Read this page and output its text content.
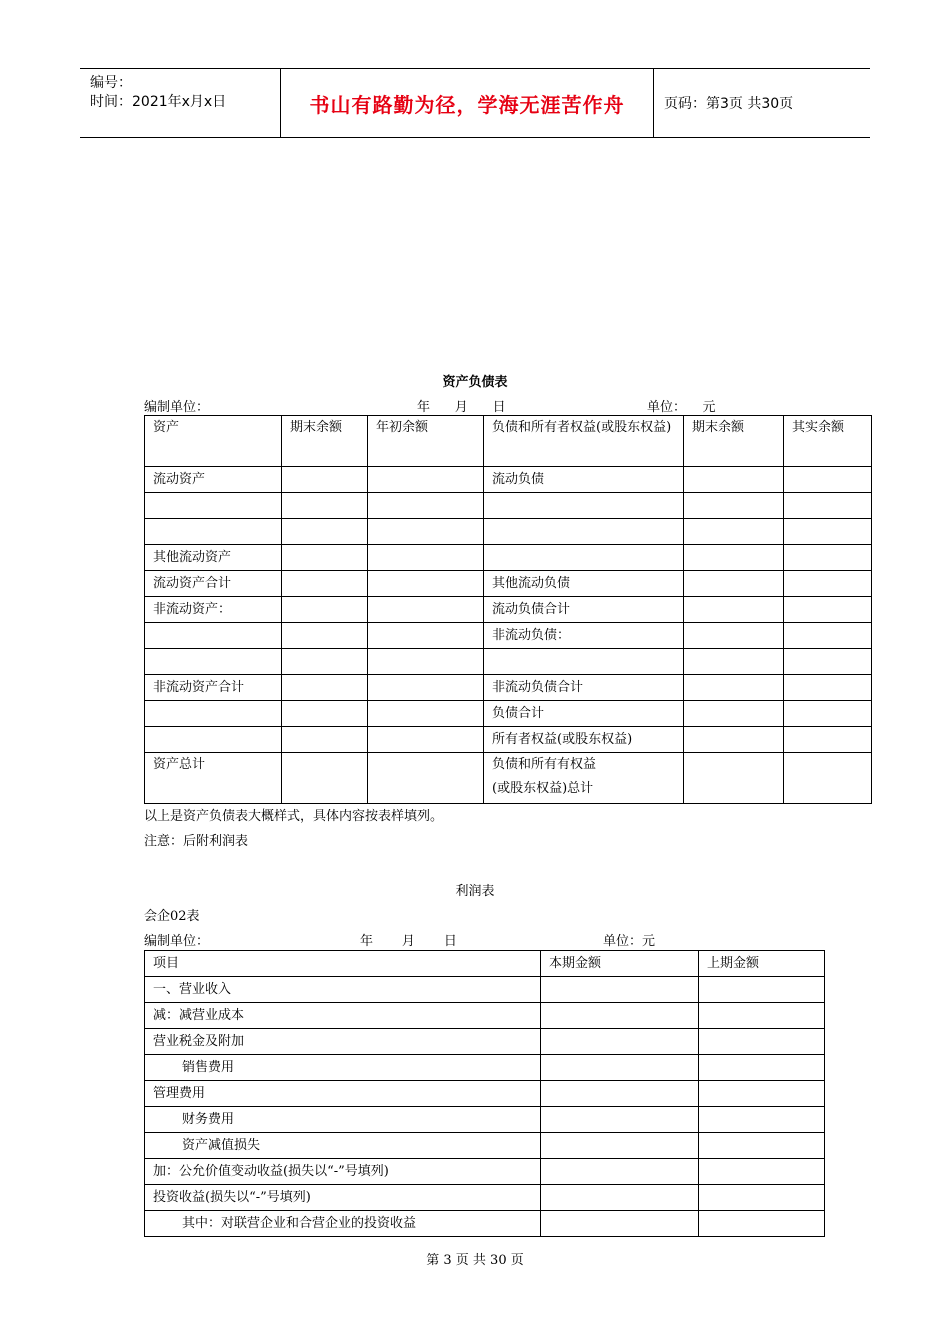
编号：
时间：2021年x月x日	书山有路勤为径，学海无涯苦作舟	页码：第3页 共30页
资产负债表
编制单位：	年      月      日	单位：    元
资产	期末余额	年初余额	负债和所有者权益(或股东权益)	期末余额	其实余额
流动资产			流动负债		

其他流动资产					
流动资产合计			其他流动负债		
非流动资产：			流动负债合计		
			非流动负债：		

非流动资产合计			非流动负债合计		
			负债合计		
			所有者权益(或股东权益)		
资产总计			负债和所有有权益
(或股东权益)总计		

以上是资产负债表大概样式，具体内容按表样填列。
注意：后附利润表
利润表
会企02表
编制单位：	年       月       日	单位：元
项目	本期金额	上期金额
一、营业收入		
减：减营业成本		
营业税金及附加		
销售费用		
管理费用		
财务费用		
资产减值损失		
加：公允价值变动收益(损失以“-”号填列)		
投资收益(损失以“-”号填列)		
其中：对联营企业和合营企业的投资收益		
第 3 页 共 30 页
